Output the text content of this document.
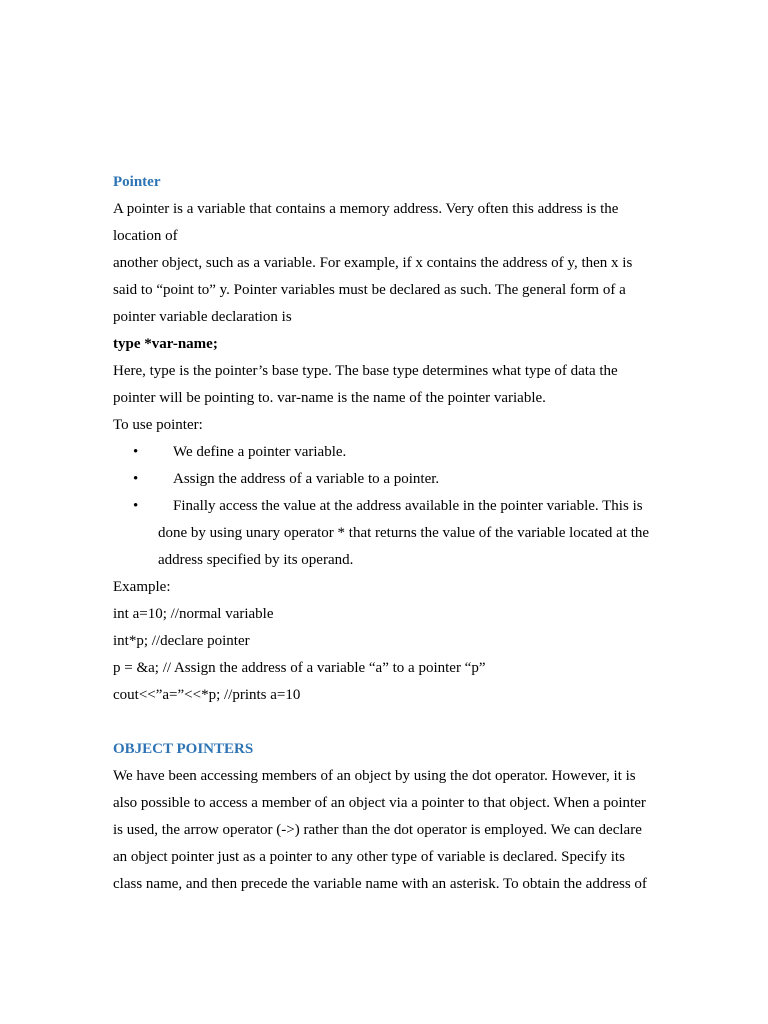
Pointer
A pointer is a variable that contains a memory address. Very often this address is the
location of
another object, such as a variable. For example, if x contains the address of y, then x is
said to “point to” y. Pointer variables must be declared as such. The general form of a
pointer variable declaration is
type *var-name;
Here, type is the pointer’s base type. The base type determines what type of data the
pointer will be pointing to. var-name is the name of the pointer variable.
To use pointer:
• We define a pointer variable.
• Assign the address of a variable to a pointer.
• Finally access the value at the address available in the pointer variable. This is
done by using unary operator * that returns the value of the variable located at the
address specified by its operand.
Example:
int a=10; //normal variable
int*p; //declare pointer
p = &a; // Assign the address of a variable “a” to a pointer “p”
cout<<”a=”<<*p; //prints a=10
OBJECT POINTERS
We have been accessing members of an object by using the dot operator. However, it is
also possible to access a member of an object via a pointer to that object. When a pointer
is used, the arrow operator (->) rather than the dot operator is employed. We can declare
an object pointer just as a pointer to any other type of variable is declared. Specify its
class name, and then precede the variable name with an asterisk. To obtain the address of
